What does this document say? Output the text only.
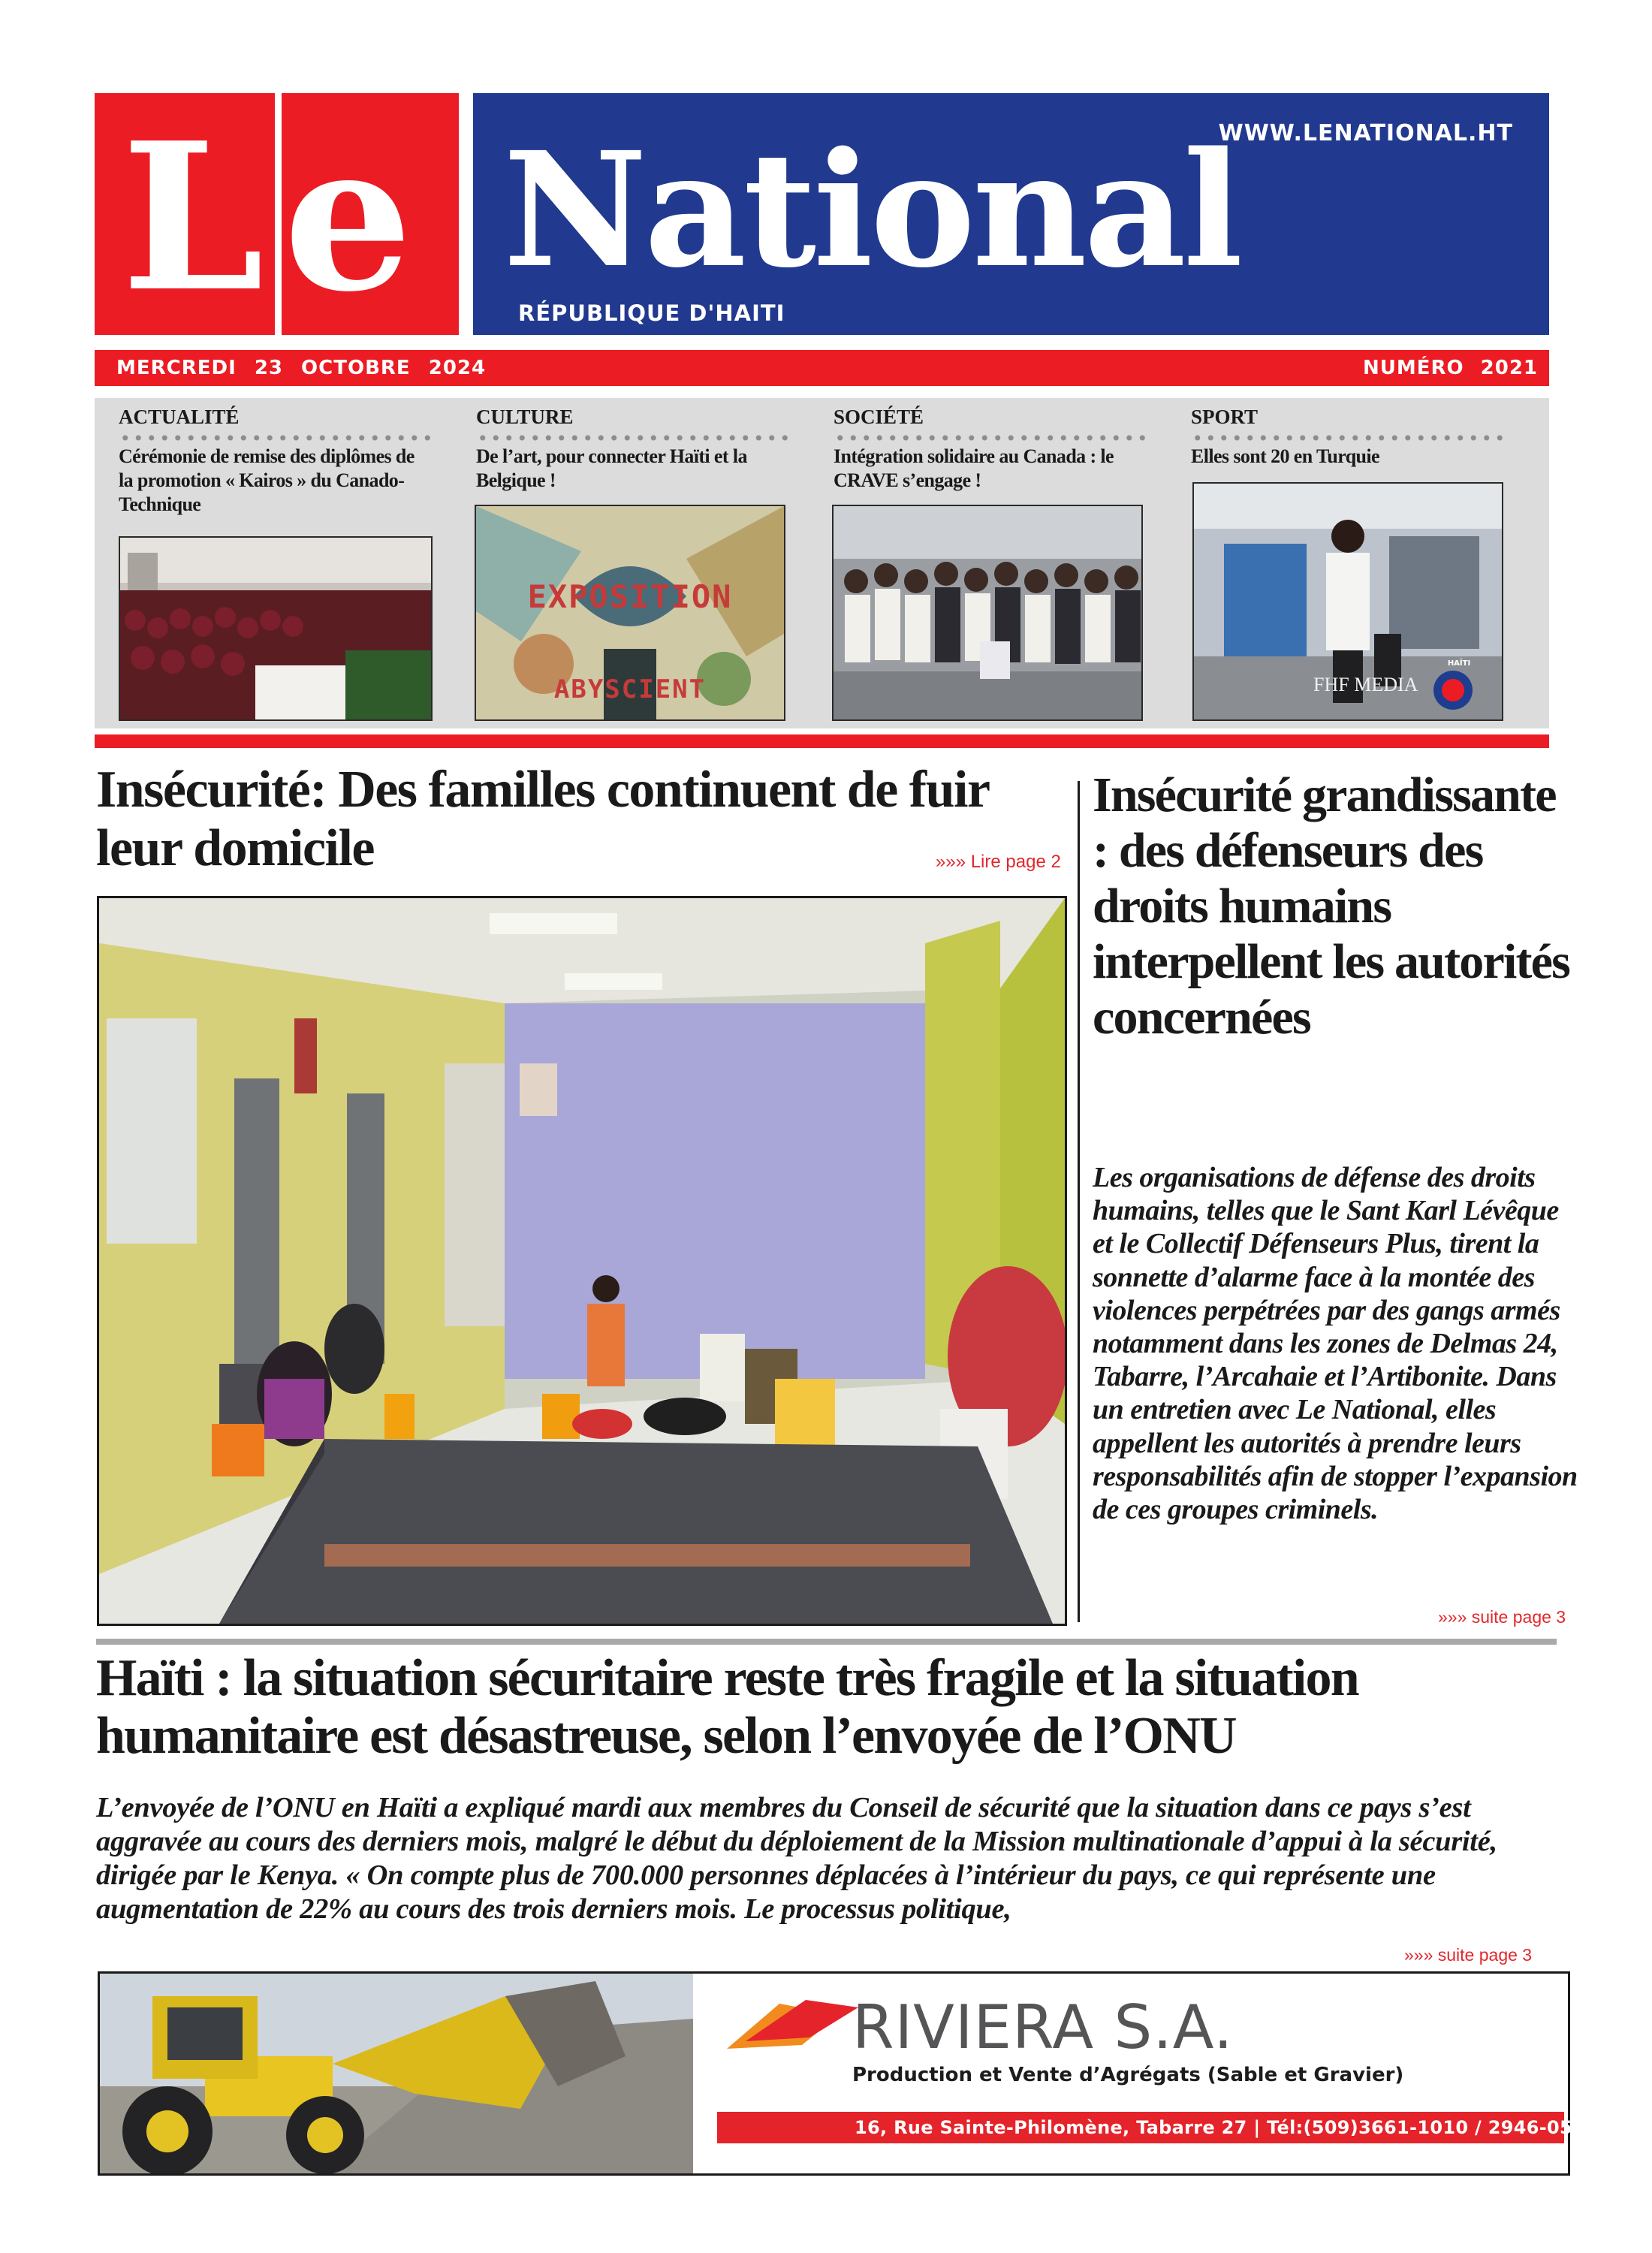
Le National
WWW.LENATIONAL.HT
RÉPUBLIQUE D'HAITI
MERCREDI 23 OCTOBRE 2024	NUMÉRO 2021
ACTUALITÉ
Cérémonie de remise des diplômes de la promotion « Kairos » du Canado-Technique
CULTURE
De l’art, pour connecter Haïti et la Belgique !
EXPOSITION
ABYSCIENT
SOCIÉTÉ
Intégration solidaire au Canada : le CRAVE s’engage !
SPORT
Elles sont 20 en Turquie
FHF MEDIA
HAÏTI
Insécurité: Des familles continuent de fuir leur domicile	»»» Lire page 2
Insécurité grandissante : des défenseurs des droits humains interpellent les autorités concernées
Les organisations de défense des droits humains, telles que le Sant Karl Lévêque et le Collectif Défenseurs Plus, tirent la sonnette d’alarme face à la montée des violences perpétrées par des gangs armés notamment dans les zones de Delmas 24, Tabarre, l’Arcahaie et l’Artibonite. Dans un entretien avec Le National, elles appellent les autorités à prendre leurs responsabilités afin de stopper l’expansion de ces groupes criminels.
»»» suite page 3
Haïti : la situation sécuritaire reste très fragile et la situation humanitaire est désastreuse, selon l’envoyée de l’ONU
L’envoyée de l’ONU en Haïti a expliqué mardi aux membres du Conseil de sécurité que la situation dans ce pays s’est aggravée au cours des derniers mois, malgré le début du déploiement de la Mission multinationale d’appui à la sécurité, dirigée par le Kenya. « On compte plus de 700.000 personnes déplacées à l’intérieur du pays, ce qui représente une augmentation de 22% au cours des trois derniers mois. Le processus politique,
»»» suite page 3
RIVIERA S.A.
Production et Vente d’Agrégats (Sable et Gravier)
16, Rue Sainte-Philomène, Tabarre 27 | Tél:(509)3661-1010 / 2946-0505
